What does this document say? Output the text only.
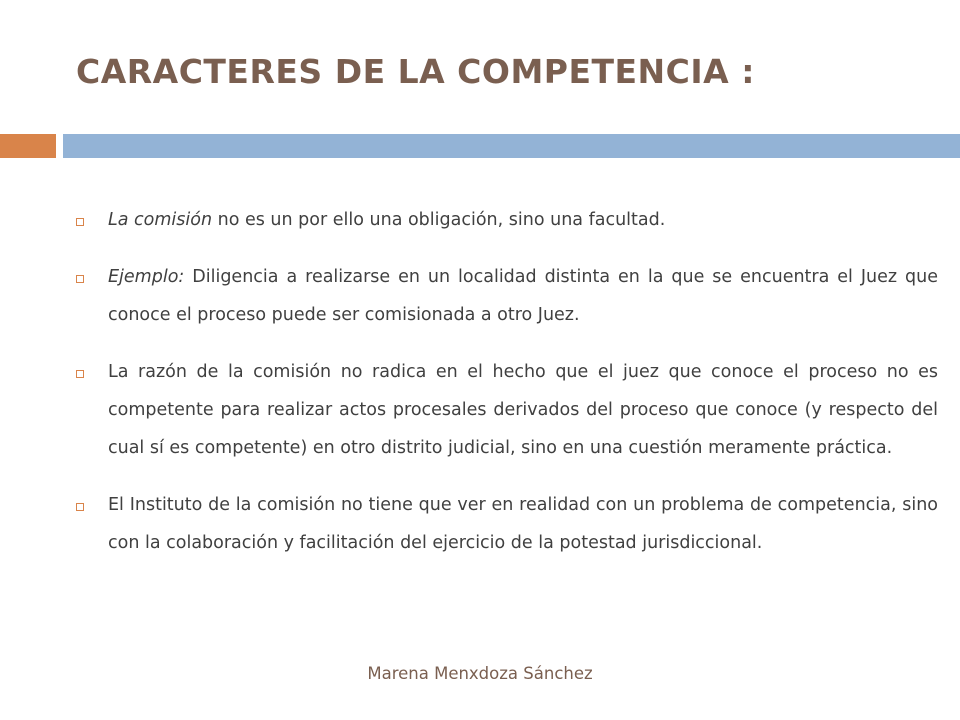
CARACTERES DE LA COMPETENCIA :
La comisión no es un por ello una obligación, sino una facultad.
Ejemplo: Diligencia a realizarse en un localidad distinta en la que se encuentra el Juez que conoce el proceso puede ser comisionada a otro Juez.
La razón de la comisión no radica en el hecho que el juez que conoce el proceso no es competente para realizar actos procesales derivados del proceso que conoce (y respecto del cual sí es competente) en otro distrito judicial, sino en una cuestión meramente práctica.
El Instituto de la comisión no tiene que ver en realidad con un problema de competencia, sino con la colaboración y facilitación del ejercicio de la potestad jurisdiccional.
Marena Menxdoza Sánchez
